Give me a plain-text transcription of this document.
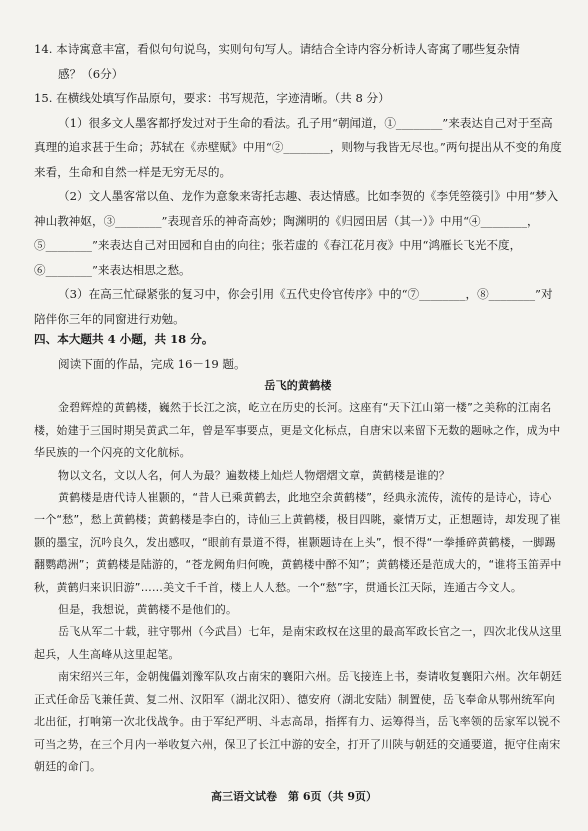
14. 本诗寓意丰富，看似句句说鸟，实则句句写人。请结合全诗内容分析诗人寄寓了哪些复杂情

感？（6分）

15. 在横线处填写作品原句，要求：书写规范，字迹清晰。（共 8 分）

（1）很多文人墨客都抒发过对于生命的看法。孔子用“朝闻道，①________”来表达自己对于至高真理的追求甚于生命；苏轼在《赤壁赋》中用“②________，则物与我皆无尽也。”两句提出从不变的角度来看，生命和自然一样是无穷无尽的。

（2）文人墨客常以鱼、龙作为意象来寄托志趣、表达情感。比如李贺的《李凭箜篌引》中用“梦入神山教神妪，③________”表现音乐的神奇高妙；陶渊明的《归园田居（其一）》中用“④________，⑤________”来表达自己对田园和自由的向往；张若虚的《春江花月夜》中用“鸿雁长飞光不度，⑥________”来表达相思之愁。

（3）在高三忙碌紧张的复习中，你会引用《五代史伶官传序》中的“⑦________，⑧________”对陪伴你三年的同窗进行劝勉。

四、本大题共 4 小题，共 18 分。

阅读下面的作品，完成 16－19 题。

岳飞的黄鹤楼

金碧辉煌的黄鹤楼，巍然于长江之滨，屹立在历史的长河。这座有“天下江山第一楼”之美称的江南名楼，始建于三国时期吴黄武二年，曾是军事要点，更是文化标点，自唐宋以来留下无数的题咏之作，成为中华民族的一个闪亮的文化航标。

物以文名，文以人名，何人为最？遍数楼上灿烂人物熠熠文章，黄鹤楼是谁的？

黄鹤楼是唐代诗人崔颢的，“昔人已乘黄鹤去，此地空余黄鹤楼”，经典永流传，流传的是诗心，诗心一个“愁”，愁上黄鹤楼；黄鹤楼是李白的，诗仙三上黄鹤楼，极目四眺，豪情万丈，正想题诗，却发现了崔颢的墨宝，沉吟良久，发出感叹，“眼前有景道不得，崔颢题诗在上头”，恨不得“一拳捶碎黄鹤楼，一脚踢翻鹦鹉洲”；黄鹤楼是陆游的，“苍龙阙角归何晚，黄鹤楼中醉不知”；黄鹤楼还是范成大的，“谁将玉笛弄中秋，黄鹤归来识旧游”……美文千千首，楼上人人愁。一个“愁”字，贯通长江天际，连通古今文人。

但是，我想说，黄鹤楼不是他们的。

岳飞从军二十载，驻守鄂州（今武昌）七年，是南宋政权在这里的最高军政长官之一，四次北伐从这里起兵，人生高峰从这里起笔。

南宋绍兴三年，金朝傀儡刘豫军队攻占南宋的襄阳六州。岳飞接连上书，奏请收复襄阳六州。次年朝廷正式任命岳飞兼任黄、复二州、汉阳军（湖北汉阳）、德安府（湖北安陆）制置使，岳飞奉命从鄂州统军向北出征，打响第一次北伐战争。由于军纪严明、斗志高昂，指挥有力、运筹得当，岳飞率领的岳家军以锐不可当之势，在三个月内一举收复六州，保卫了长江中游的安全，打开了川陕与朝廷的交通要道，扼守住南宋朝廷的命门。

高三语文试卷　第 6页（共 9页）
